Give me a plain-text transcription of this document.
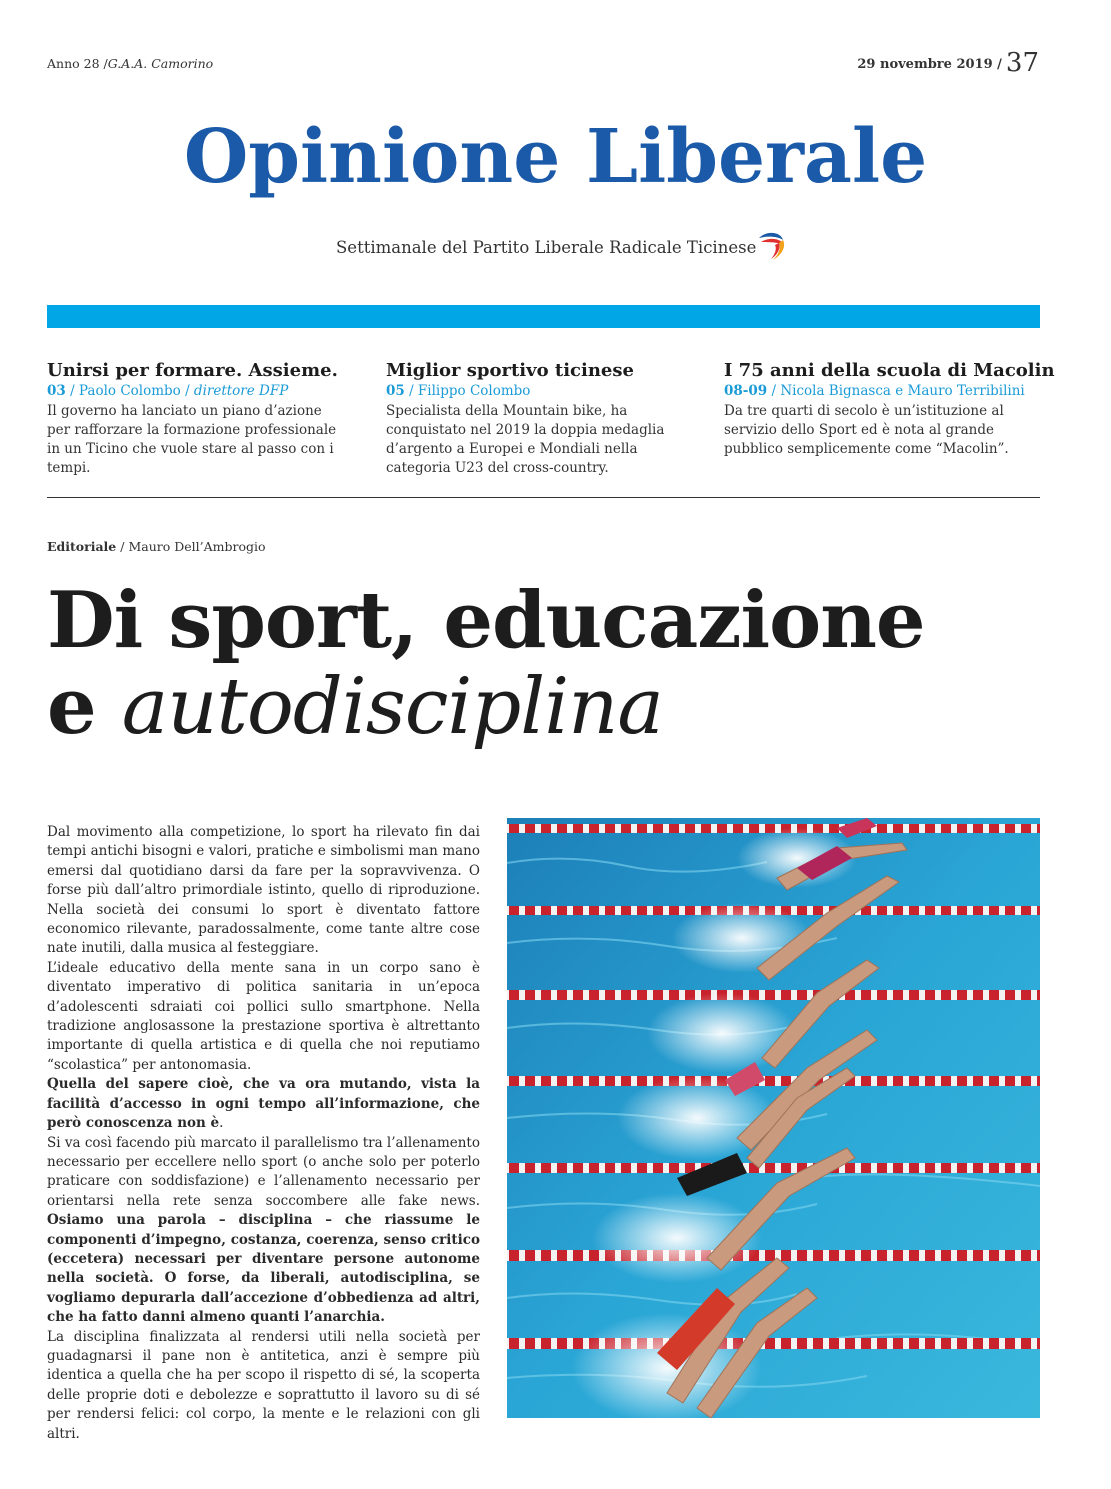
Anno 28 /G.A.A. Camorino	29 novembre 2019 / 37
Opinione Liberale
Settimanale del Partito Liberale Radicale Ticinese
Unirsi per formare. Assieme.
03 / Paolo Colombo / direttore DFP
Il governo ha lanciato un piano d’azione per rafforzare la formazione professionale in un Ticino che vuole stare al passo con i tempi.
Miglior sportivo ticinese
05 / Filippo Colombo
Specialista della Mountain bike, ha conquistato nel 2019 la doppia medaglia d’argento a Europei e Mondiali nella categoria U23 del cross-country.
I 75 anni della scuola di Macolin
08-09 / Nicola Bignasca e Mauro Terribilini
Da tre quarti di secolo è un’istituzione al servizio dello Sport ed è nota al grande pubblico semplicemente come “Macolin”.
Editoriale / Mauro Dell’Ambrogio
Di sport, educazione
e autodisciplina

Dal movimento alla competizione, lo sport ha rilevato fin dai tempi antichi bisogni e valori, pratiche e simbolismi man mano emersi dal quotidiano darsi da fare per la sopravvivenza. O forse più dall’altro primordiale istinto, quello di riproduzione. Nella società dei consumi lo sport è diventato fattore economico rilevante, paradossalmente, come tante altre cose nate inutili, dalla musica al festeggiare.

L’ideale educativo della mente sana in un corpo sano è diventato imperativo di politica sanitaria in un’epoca d’adolescenti sdraiati coi pollici sullo smartphone. Nella tradizione anglosassone la prestazione sportiva è altrettanto importante di quella artistica e di quella che noi reputiamo “scolastica” per antonomasia.

Quella del sapere cioè, che va ora mutando, vista la facilità d’accesso in ogni tempo all’informazione, che però conoscenza non è.

Si va così facendo più marcato il parallelismo tra l’allenamento necessario per eccellere nello sport (o anche solo per poterlo praticare con soddisfazione) e l’allenamento necessario per orientarsi nella rete senza soccombere alle fake news. Osiamo una parola – disciplina – che riassume le componenti d’impegno, costanza, coerenza, senso critico (eccetera) necessari per diventare persone autonome nella società. O forse, da liberali, autodisciplina, se vogliamo depurarla dall’accezione d’obbedienza ad altri, che ha fatto danni almeno quanti l’anarchia.

La disciplina finalizzata al rendersi utili nella società per guadagnarsi il pane non è antitetica, anzi è sempre più identica a quella che ha per scopo il rispetto di sé, la scoperta delle proprie doti e debolezze e soprattutto il lavoro su di sé per rendersi felici: col corpo, la mente e le relazioni con gli altri.
